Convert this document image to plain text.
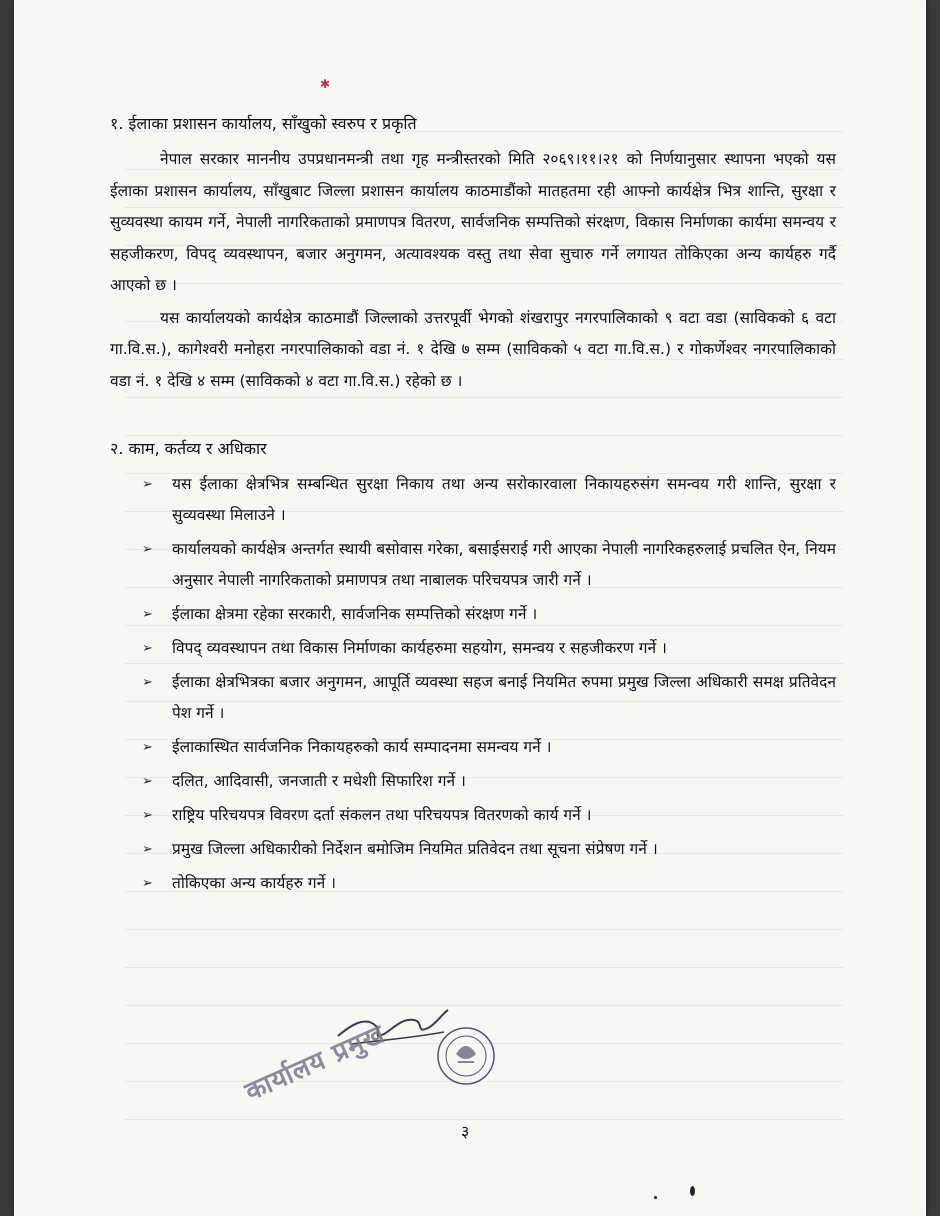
✱
१. ईलाका प्रशासन कार्यालय, साँखुको स्वरुप र प्रकृति

नेपाल सरकार माननीय उपप्रधानमन्त्री तथा गृह मन्त्रीस्तरको मिति २०६९।११।२१ को निर्णयानुसार स्थापना भएको यस ईलाका प्रशासन कार्यालय, साँखुबाट जिल्ला प्रशासन कार्यालय काठमाडौंको मातहतमा रही आफ्नो कार्यक्षेत्र भित्र शान्ति, सुरक्षा र सुव्यवस्था कायम गर्ने, नेपाली नागरिकताको प्रमाणपत्र वितरण, सार्वजनिक सम्पत्तिको संरक्षण, विकास निर्माणका कार्यमा समन्वय र सहजीकरण, विपद् व्यवस्थापन, बजार अनुगमन, अत्यावश्यक वस्तु तथा सेवा सुचारु गर्ने लगायत तोकिएका अन्य कार्यहरु गर्दै आएको छ ।

यस कार्यालयको कार्यक्षेत्र काठमाडौं जिल्लाको उत्तरपूर्वी भेगको शंखरापुर नगरपालिकाको ९ वटा वडा (साविकको ६ वटा गा.वि.स.), कागेश्वरी मनोहरा नगरपालिकाको वडा नं. १ देखि ७ सम्म (साविकको ५ वटा गा.वि.स.) र गोकर्णेश्वर नगरपालिकाको वडा नं. १ देखि ४ सम्म (साविकको ४ वटा गा.वि.स.) रहेको छ ।

२. काम, कर्तव्य र अधिकार
➢ यस ईलाका क्षेत्रभित्र सम्बन्धित सुरक्षा निकाय तथा अन्य सरोकारवाला निकायहरुसंग समन्वय गरी शान्ति, सुरक्षा र सुव्यवस्था मिलाउने ।
➢ कार्यालयको कार्यक्षेत्र अन्तर्गत स्थायी बसोवास गरेका, बसाईसराई गरी आएका नेपाली नागरिकहरुलाई प्रचलित ऐन, नियम अनुसार नेपाली नागरिकताको प्रमाणपत्र तथा नाबालक परिचयपत्र जारी गर्ने ।
➢ ईलाका क्षेत्रमा रहेका सरकारी, सार्वजनिक सम्पत्तिको संरक्षण गर्ने ।
➢ विपद् व्यवस्थापन तथा विकास निर्माणका कार्यहरुमा सहयोग, समन्वय र सहजीकरण गर्ने ।
➢ ईलाका क्षेत्रभित्रका बजार अनुगमन, आपूर्ति व्यवस्था सहज बनाई नियमित रुपमा प्रमुख जिल्ला अधिकारी समक्ष प्रतिवेदन पेश गर्ने ।
➢ ईलाकास्थित सार्वजनिक निकायहरुको कार्य सम्पादनमा समन्वय गर्ने ।
➢ दलित, आदिवासी, जनजाती र मधेशी सिफारिश गर्ने ।
➢ राष्ट्रिय परिचयपत्र विवरण दर्ता संकलन तथा परिचयपत्र वितरणको कार्य गर्ने ।
➢ प्रमुख जिल्ला अधिकारीको निर्देशन बमोजिम नियमित प्रतिवेदन तथा सूचना संप्रेषण गर्ने ।
➢ तोकिएका अन्य कार्यहरु गर्ने ।
कार्यालय प्रमुख
३
